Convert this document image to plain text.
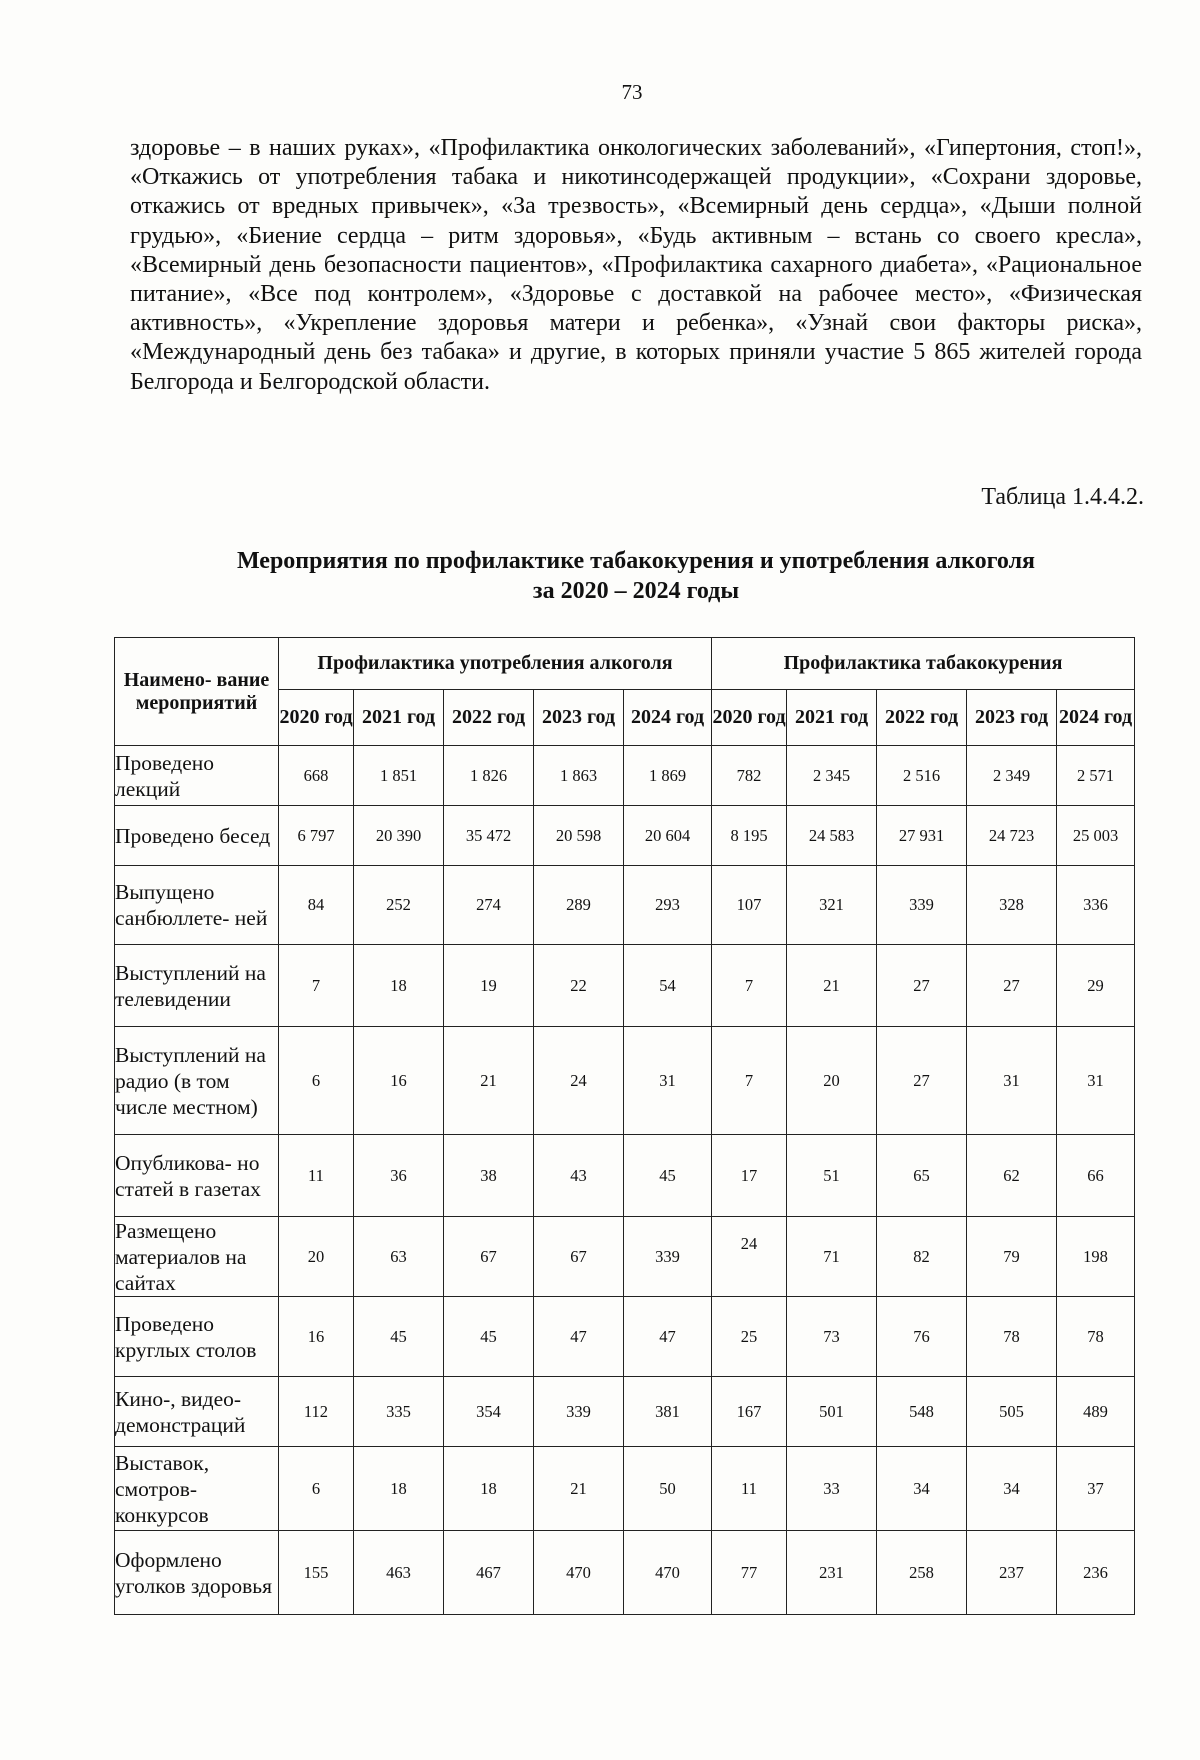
73
здоровье – в наших руках», «Профилактика онкологических заболеваний», «Гипертония, стоп!», «Откажись от употребления табака и никотинсодержащей продукции», «Сохрани здоровье, откажись от вредных привычек», «За трезвость», «Всемирный день сердца», «Дыши полной грудью», «Биение сердца – ритм здоровья», «Будь активным – встань со своего кресла», «Всемирный день безопасности пациентов», «Профилактика сахарного диабета», «Рациональное питание», «Все под контролем», «Здоровье с доставкой на рабочее место», «Физическая активность», «Укрепление здоровья матери и ребенка», «Узнай свои факторы риска», «Международный день без табака» и другие, в которых приняли участие 5 865 жителей города Белгорода и Белгородской области.
Таблица 1.4.4.2.
Мероприятия по профилактике табакокурения и употребления алкоголя
за 2020 – 2024 годы
Наимено- вание мероприятий	Профилактика употребления алкоголя					Профилактика табакокурения				
	2020 год	2021 год	2022 год	2023 год	2024 год	2020 год	2021 год	2022 год	2023 год	2024 год
Проведено лекций	668	1 851	1 826	1 863	1 869	782	2 345	2 516	2 349	2 571
Проведено бесед	6 797	20 390	35 472	20 598	20 604	8 195	24 583	27 931	24 723	25 003
Выпущено санбюллете- ней	84	252	274	289	293	107	321	339	328	336
Выступлений на телевидении	7	18	19	22	54	7	21	27	27	29
Выступлений на радио (в том числе местном)	6	16	21	24	31	7	20	27	31	31
Опубликова- но статей в газетах	11	36	38	43	45	17	51	65	62	66
Размещено материалов на сайтах	20	63	67	67	339	24	71	82	79	198
Проведено круглых столов	16	45	45	47	47	25	73	76	78	78
Кино-, видео- демонстраций	112	335	354	339	381	167	501	548	505	489
Выставок, смотров- конкурсов	6	18	18	21	50	11	33	34	34	37
Оформлено уголков здоровья	155	463	467	470	470	77	231	258	237	236
